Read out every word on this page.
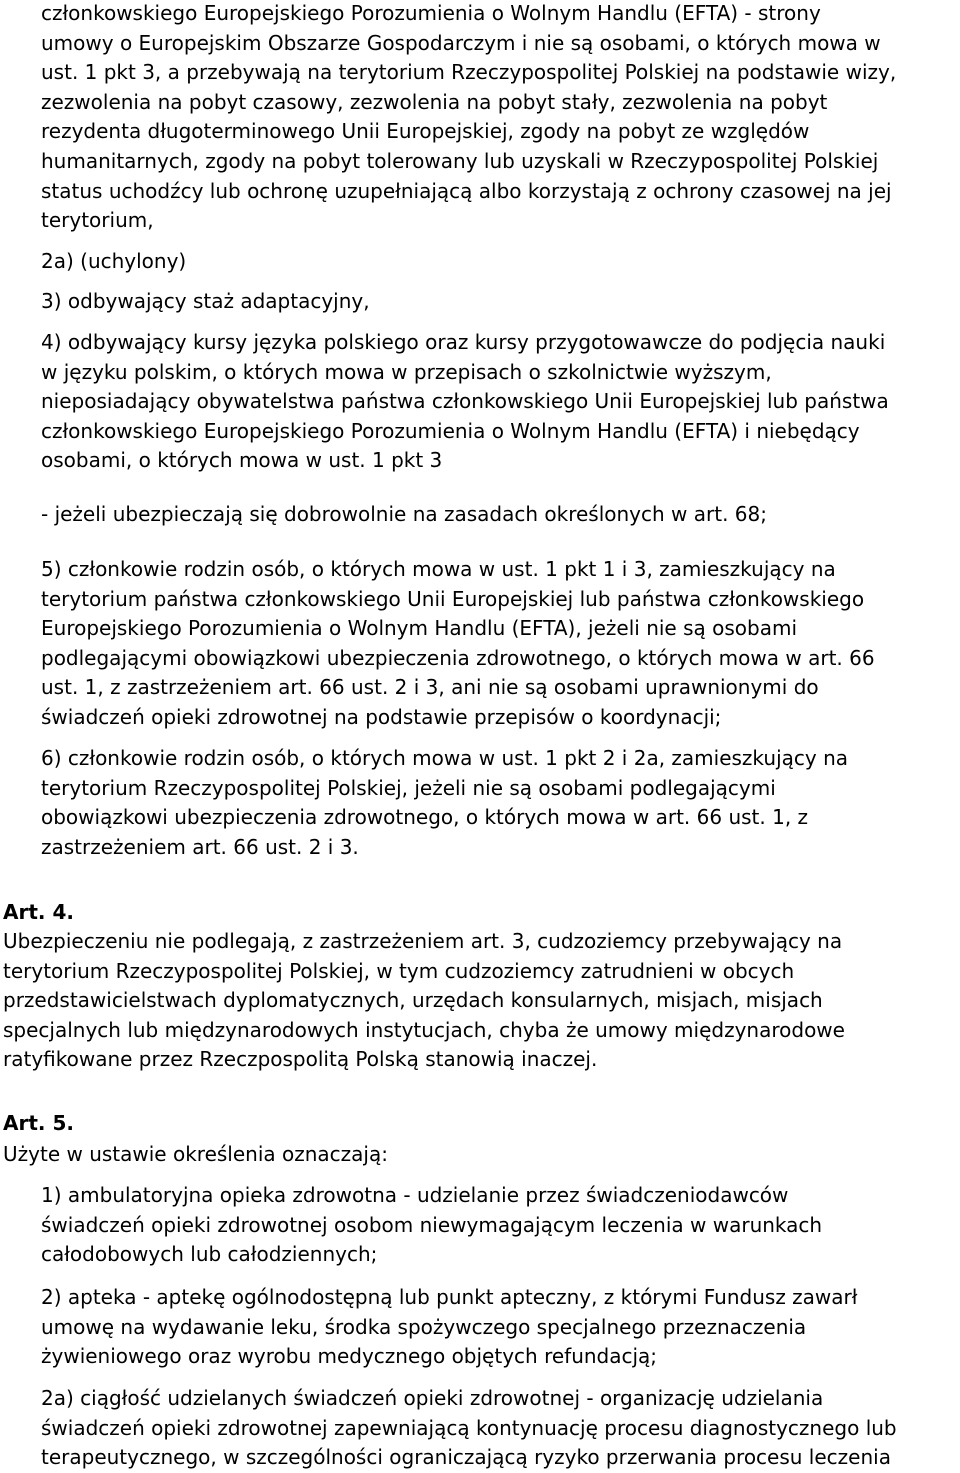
członkowskiego Europejskiego Porozumienia o Wolnym Handlu (EFTA) - strony
umowy o Europejskim Obszarze Gospodarczym i nie są osobami, o których mowa w
ust. 1 pkt 3, a przebywają na terytorium Rzeczypospolitej Polskiej na podstawie wizy,
zezwolenia na pobyt czasowy, zezwolenia na pobyt stały, zezwolenia na pobyt
rezydenta długoterminowego Unii Europejskiej, zgody na pobyt ze względów
humanitarnych, zgody na pobyt tolerowany lub uzyskali w Rzeczypospolitej Polskiej
status uchodźcy lub ochronę uzupełniającą albo korzystają z ochrony czasowej na jej
terytorium,
2a) (uchylony)
3) odbywający staż adaptacyjny,
4) odbywający kursy języka polskiego oraz kursy przygotowawcze do podjęcia nauki
w języku polskim, o których mowa w przepisach o szkolnictwie wyższym,
nieposiadający obywatelstwa państwa członkowskiego Unii Europejskiej lub państwa
członkowskiego Europejskiego Porozumienia o Wolnym Handlu (EFTA) i niebędący
osobami, o których mowa w ust. 1 pkt 3
- jeżeli ubezpieczają się dobrowolnie na zasadach określonych w art. 68;
5) członkowie rodzin osób, o których mowa w ust. 1 pkt 1 i 3, zamieszkujący na
terytorium państwa członkowskiego Unii Europejskiej lub państwa członkowskiego
Europejskiego Porozumienia o Wolnym Handlu (EFTA), jeżeli nie są osobami
podlegającymi obowiązkowi ubezpieczenia zdrowotnego, o których mowa w art. 66
ust. 1, z zastrzeżeniem art. 66 ust. 2 i 3, ani nie są osobami uprawnionymi do
świadczeń opieki zdrowotnej na podstawie przepisów o koordynacji;
6) członkowie rodzin osób, o których mowa w ust. 1 pkt 2 i 2a, zamieszkujący na
terytorium Rzeczypospolitej Polskiej, jeżeli nie są osobami podlegającymi
obowiązkowi ubezpieczenia zdrowotnego, o których mowa w art. 66 ust. 1, z
zastrzeżeniem art. 66 ust. 2 i 3.
Art. 4.
Ubezpieczeniu nie podlegają, z zastrzeżeniem art. 3, cudzoziemcy przebywający na
terytorium Rzeczypospolitej Polskiej, w tym cudzoziemcy zatrudnieni w obcych
przedstawicielstwach dyplomatycznych, urzędach konsularnych, misjach, misjach
specjalnych lub międzynarodowych instytucjach, chyba że umowy międzynarodowe
ratyfikowane przez Rzeczpospolitą Polską stanowią inaczej.
Art. 5.
Użyte w ustawie określenia oznaczają:
1) ambulatoryjna opieka zdrowotna - udzielanie przez świadczeniodawców
świadczeń opieki zdrowotnej osobom niewymagającym leczenia w warunkach
całodobowych lub całodziennych;
2) apteka - aptekę ogólnodostępną lub punkt apteczny, z którymi Fundusz zawarł
umowę na wydawanie leku, środka spożywczego specjalnego przeznaczenia
żywieniowego oraz wyrobu medycznego objętych refundacją;
2a) ciągłość udzielanych świadczeń opieki zdrowotnej - organizację udzielania
świadczeń opieki zdrowotnej zapewniającą kontynuację procesu diagnostycznego lub
terapeutycznego, w szczególności ograniczającą ryzyko przerwania procesu leczenia
